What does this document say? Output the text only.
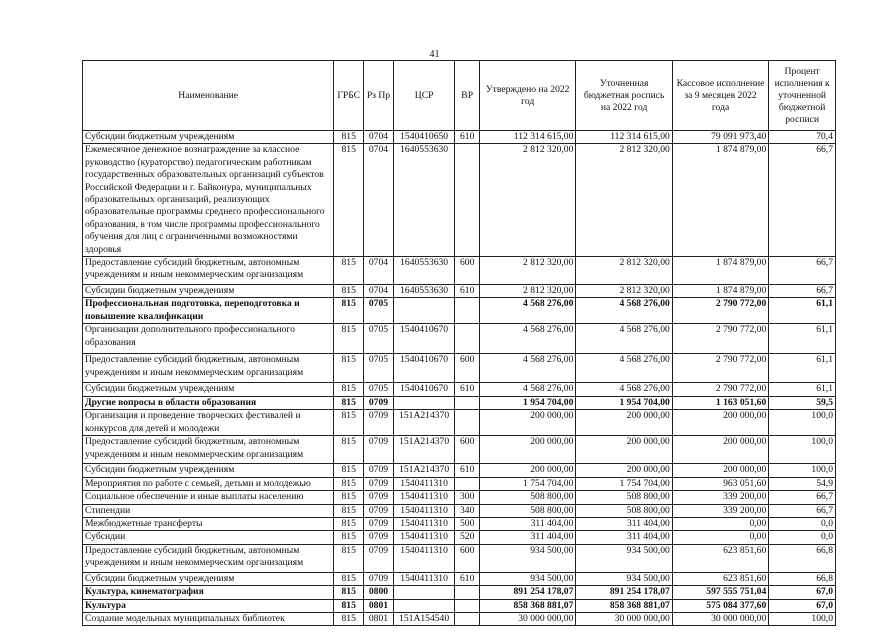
41
Наименование	ГРБС	Рз Пр	ЦСР	ВР	Утверждено на 2022 год	Уточненная бюджетная роспись на 2022 год	Кассовое исполнение за 9 месяцев 2022 года	Процент исполнения к уточненной бюджетной росписи
Субсидии бюджетным учреждениям	815	0704	1540410650	610	112 314 615,00	112 314 615,00	79 091 973,40	70,4
Ежемесячное денежное вознаграждение за классное руководство (кураторство) педагогическим работникам государственных образовательных организаций субъектов Российской Федерации и г. Байконура, муниципальных образовательных организаций, реализующих образовательные программы среднего профессионального образования, в том числе программы профессионального обучения для лиц с ограниченными возможностями здоровья	815	0704	1640553630		2 812 320,00	2 812 320,00	1 874 879,00	66,7
Предоставление субсидий бюджетным, автономным учреждениям и иным некоммерческим организациям	815	0704	1640553630	600	2 812 320,00	2 812 320,00	1 874 879,00	66,7
Субсидии бюджетным учреждениям	815	0704	1640553630	610	2 812 320,00	2 812 320,00	1 874 879,00	66,7
Профессиональная подготовка, переподготовка и повышение квалификации	815	0705			4 568 276,00	4 568 276,00	2 790 772,00	61,1
Организации дополнительного профессионального образования	815	0705	1540410670		4 568 276,00	4 568 276,00	2 790 772,00	61,1
Предоставление субсидий бюджетным, автономным учреждениям и иным некоммерческим организациям	815	0705	1540410670	600	4 568 276,00	4 568 276,00	2 790 772,00	61,1
Субсидии бюджетным учреждениям	815	0705	1540410670	610	4 568 276,00	4 568 276,00	2 790 772,00	61,1
Другие вопросы в области образования	815	0709			1 954 704,00	1 954 704,00	1 163 051,60	59,5
Организация и проведение творческих фестивалей и конкурсов для детей и молодежи	815	0709	151А214370		200 000,00	200 000,00	200 000,00	100,0
Предоставление субсидий бюджетным, автономным учреждениям и иным некоммерческим организациям	815	0709	151А214370	600	200 000,00	200 000,00	200 000,00	100,0
Субсидии бюджетным учреждениям	815	0709	151А214370	610	200 000,00	200 000,00	200 000,00	100,0
Мероприятия по работе с семьей, детьми и молодежью	815	0709	1540411310		1 754 704,00	1 754 704,00	963 051,60	54,9
Социальное обеспечение и иные выплаты населению	815	0709	1540411310	300	508 800,00	508 800,00	339 200,00	66,7
Стипендии	815	0709	1540411310	340	508 800,00	508 800,00	339 200,00	66,7
Межбюджетные трансферты	815	0709	1540411310	500	311 404,00	311 404,00	0,00	0,0
Субсидии	815	0709	1540411310	520	311 404,00	311 404,00	0,00	0,0
Предоставление субсидий бюджетным, автономным учреждениям и иным некоммерческим организациям	815	0709	1540411310	600	934 500,00	934 500,00	623 851,60	66,8
Субсидии бюджетным учреждениям	815	0709	1540411310	610	934 500,00	934 500,00	623 851,60	66,8
Культура, кинематография	815	0800			891 254 178,07	891 254 178,07	597 555 751,04	67,0
Культура	815	0801			858 368 881,07	858 368 881,07	575 084 377,60	67,0
Создание модельных муниципальных библиотек	815	0801	151А154540		30 000 000,00	30 000 000,00	30 000 000,00	100,0
